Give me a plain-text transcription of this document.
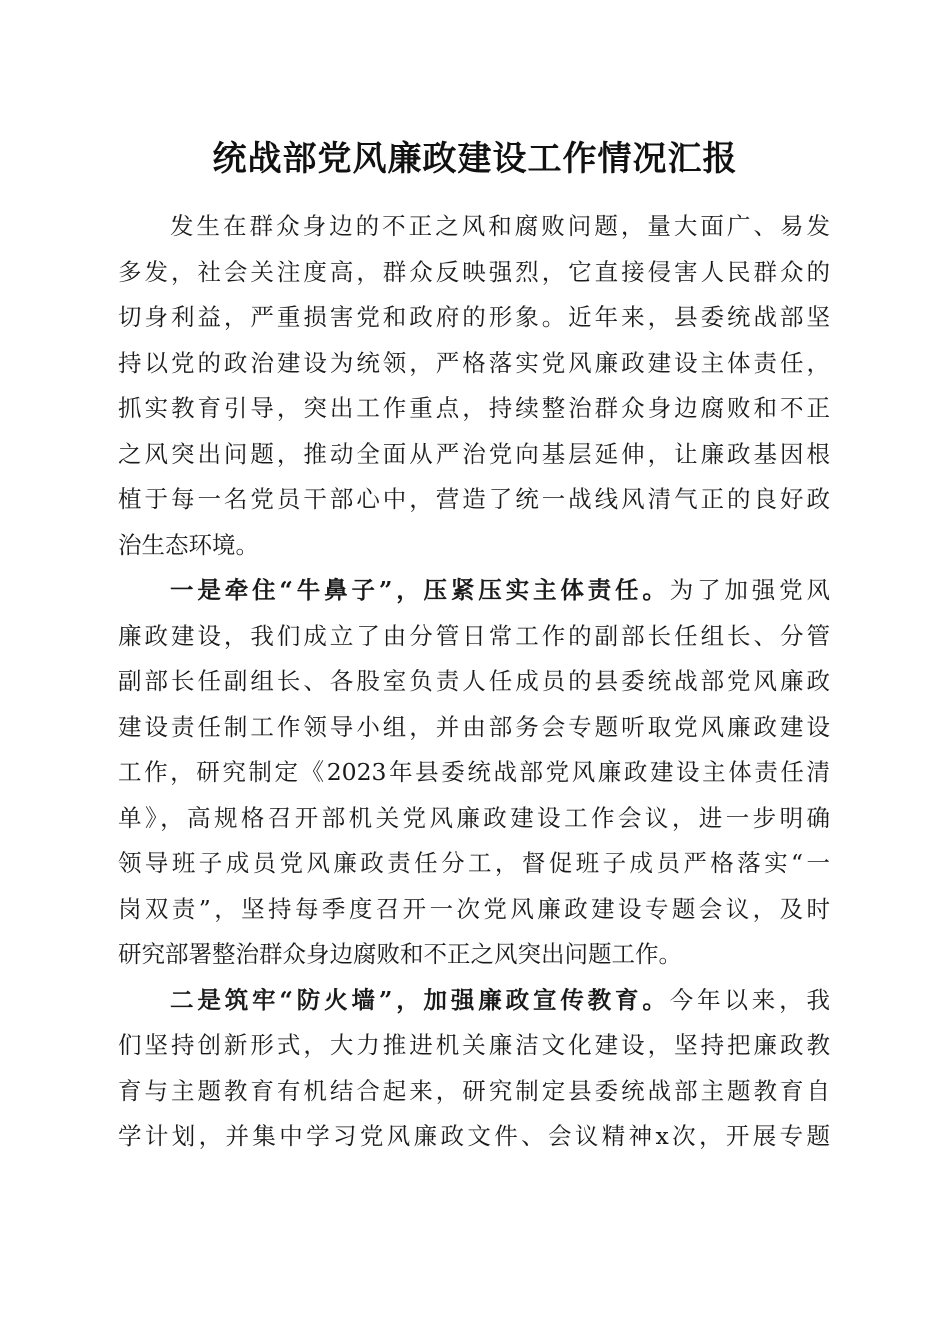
统战部党风廉政建设工作情况汇报
发生在群众身边的不正之风和腐败问题，量大面广、易发
多发，社会关注度高，群众反映强烈，它直接侵害人民群众的
切身利益，严重损害党和政府的形象。近年来，县委统战部坚
持以党的政治建设为统领，严格落实党风廉政建设主体责任，
抓实教育引导，突出工作重点，持续整治群众身边腐败和不正
之风突出问题，推动全面从严治党向基层延伸，让廉政基因根
植于每一名党员干部心中，营造了统一战线风清气正的良好政
治生态环境。
一是牵住“牛鼻子”，压紧压实主体责任。为了加强党风
廉政建设，我们成立了由分管日常工作的副部长任组长、分管
副部长任副组长、各股室负责人任成员的县委统战部党风廉政
建设责任制工作领导小组，并由部务会专题听取党风廉政建设
工作，研究制定《2023年县委统战部党风廉政建设主体责任清
单》，高规格召开部机关党风廉政建设工作会议，进一步明确
领导班子成员党风廉政责任分工，督促班子成员严格落实“一
岗双责”，坚持每季度召开一次党风廉政建设专题会议，及时
研究部署整治群众身边腐败和不正之风突出问题工作。
二是筑牢“防火墙”，加强廉政宣传教育。今年以来，我
们坚持创新形式，大力推进机关廉洁文化建设，坚持把廉政教
育与主题教育有机结合起来，研究制定县委统战部主题教育自
学计划，并集中学习党风廉政文件、会议精神x次，开展专题
